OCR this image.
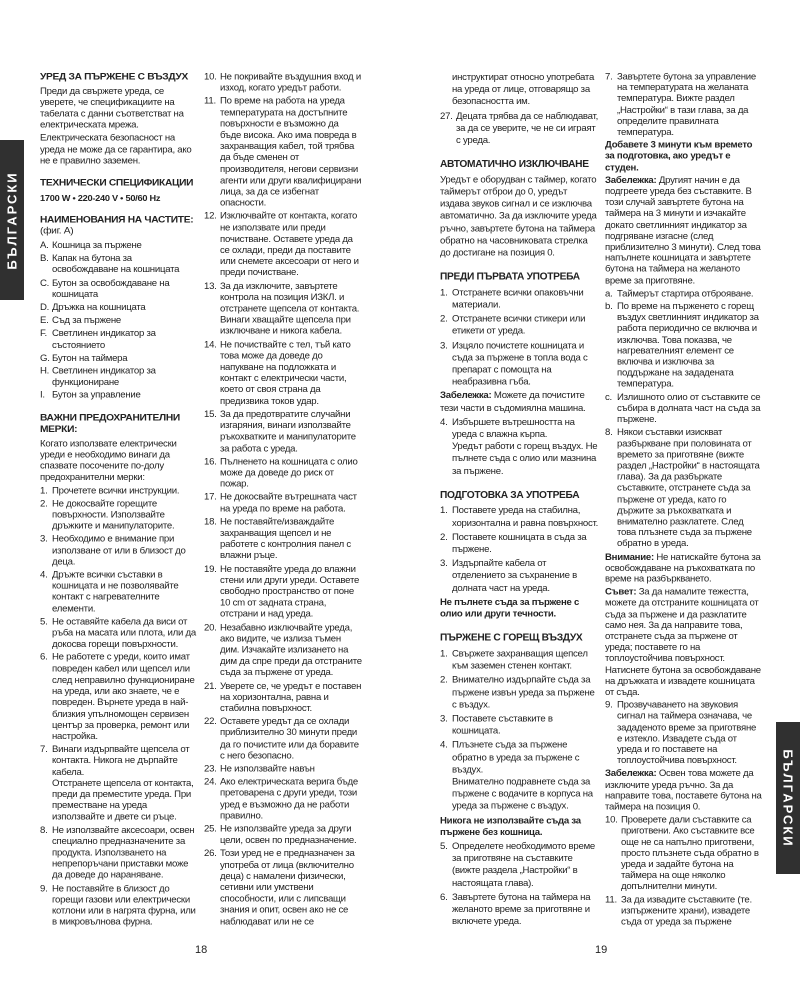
БЪЛГАРСКИ
БЪЛГАРСКИ
УРЕД ЗА ПЪРЖЕНЕ С ВЪЗДУХ

Преди да свържете уреда, се уверете, че спецификациите на табелата с данни съответстват на електрическата мрежа.

Електрическата безопасност на уреда не може да се гарантира, ако не е правилно заземен.

ТЕХНИЧЕСКИ СПЕЦИФИКАЦИИ

1700 W • 220-240 V • 50/60 Hz

НАИМЕНОВАНИЯ НА ЧАСТИТЕ: (фиг. A)
A. Кошница за пържене
B. Капак на бутона за освобождаване на кошницата
C. Бутон за освобождаване на кошницата
D. Дръжка на кошницата
E. Съд за пържене
F. Светлинен индикатор за състоянието
G. Бутон на таймера
H. Светлинен индикатор за функциониране
I. Бутон за управление
ВАЖНИ ПРЕДОХРАНИТЕЛНИ МЕРКИ:

Когато използвате електрически уреди е необходимо винаги да спазвате посочените по-долу предохранителни мерки:

1. Прочетете всички инструкции.
2. Не докосвайте горещите повърхности. Използвайте дръжките и манипулаторите.
3. Необходимо е внимание при използване от или в близост до деца.
4. Дръжте всички съставки в кошницата и не позволявайте контакт с нагревателните елементи.
5. Не оставяйте кабела да виси от ръба на масата или плота, или да докосва горещи повърхности.
6. Не работете с уреди, които имат повреден кабел или щепсел или след неправилно функциониране на уреда, или ако знаете, че е повреден. Върнете уреда в най-близкия упълномощен сервизен център за проверка, ремонт или настройка.
7. Винаги издърпвайте щепсела от контакта. Никога не дърпайте кабела.
Отстранете щепсела от контакта, преди да преместите уреда. При преместване на уреда използвайте и двете си ръце.
8. Не използвайте аксесоари, освен специално предназначените за продукта. Използването на непрепоръчани приставки може да доведе до нараняване.
9. Не поставяйте в близост до горещи газови или електрически котлони или в нагрята фурна, или в микровълнова фурна.
10. Не покривайте въздушния вход и изход, когато уредът работи.
11. По време на работа на уреда температурата на достъпните повърхности е възможно да бъде висока. Ако има повреда в захранващия кабел, той трябва да бъде сменен от производителя, негови сервизни агенти или други квалифицирани лица, за да се избегнат опасности.
12. Изключвайте от контакта, когато не използвате или преди почистване. Оставете уреда да се охлади, преди да поставите или снемете аксесоари от него и преди почистване.
13. За да изключите, завъртете контрола на позиция ИЗКЛ. и отстранете щепсела от контакта. Винаги хващайте щепсела при изключване и никога кабела.
14. Не почиствайте с тел, тъй като това може да доведе до напукване на подложката и контакт с електрически части, което от своя страна да предизвика токов удар.
15. За да предотвратите случайни изгаряния, винаги използвайте ръкохватките и манипулаторите за работа с уреда.
16. Пълненето на кошницата с олио може да доведе до риск от пожар.
17. Не докосвайте вътрешната част на уреда по време на работа.
18. Не поставяйте/изваждайте захранващия щепсел и не работете с контролния панел с влажни ръце.
19. Не поставяйте уреда до влажни стени или други уреди. Оставете свободно пространство от поне 10 cm от задната страна, отстрани и над уреда.
20. Незабавно изключвайте уреда, ако видите, че излиза тъмен дим. Изчакайте излизането на дим да спре преди да отстраните съда за пържене от уреда.
21. Уверете се, че уредът е поставен на хоризонтална, равна и стабилна повърхност.
22. Оставете уредът да се охлади приблизително 30 минути преди да го почистите или да боравите с него безопасно.
23. Не използвайте навън
24. Ако електрическата верига бъде претоварена с други уреди, този уред е възможно да не работи правилно.
25. Не използвайте уреда за други цели, освен по предназначение.
26. Този уред не е предназначен за употреба от лица (включително деца) с намалени физически, сетивни или умствени способности, или с липсващи знания и опит, освен ако не се наблюдават или не се

инструктират относно употребата на уреда от лице, отговарящо за безопасността им.

27. Децата трябва да се наблюдават, за да се уверите, че не си играят с уреда.
АВТОМАТИЧНО ИЗКЛЮЧВАНЕ

Уредът е оборудван с таймер, когато таймерът отброи до 0, уредът издава звуков сигнал и се изключва автоматично. За да изключите уреда ръчно, завъртете бутона на таймера обратно на часовниковата стрелка до достигане на позиция 0.

ПРЕДИ ПЪРВАТА УПОТРЕБА
1. Отстранете всички опаковъчни материали.
2. Отстранете всички стикери или етикети от уреда.
3. Изцяло почистете кошницата и съда за пържене в топла вода с препарат с помощта на неабразивна гъба.

Забележка: Можете да почистите тези части в съдомиялна машина.

4. Избършете вътрешността на уреда с влажна кърпа.
Уредът работи с горещ въздух. Не пълнете съда с олио или мазнина за пържене.
ПОДГОТОВКА ЗА УПОТРЕБА
1. Поставете уреда на стабилна, хоризонтална и равна повърхност.
2. Поставете кошницата в съда за пържене.
3. Издърпайте кабела от отделението за съхранение в долната част на уреда.

Не пълнете съда за пържене с олио или други течности.

ПЪРЖЕНЕ С ГОРЕЩ ВЪЗДУХ
1. Свържете захранващия щепсел към заземен стенен контакт.
2. Внимателно издърпайте съда за пържене извън уреда за пържене с въздух.
3. Поставете съставките в кошницата.
4. Плъзнете съда за пържене обратно в уреда за пържене с въздух.
Внимателно подравнете съда за пържене с водачите в корпуса на уреда за пържене с въздух.

Никога не използвайте съда за пържене без кошница.

5. Определете необходимото време за приготвяне на съставките (вижте раздела „Настройки“ в настоящата глава).
6. Завъртете бутона на таймера на желаното време за приготвяне и включете уреда.
7. Завъртете бутона за управление на температурата на желаната температура. Вижте раздел „Настройки“ в тази глава, за да определите правилната температура.

Добавете 3 минути към времето за подготовка, ако уредът е студен.

Забележка: Другият начин е да подгреете уреда без съставките. В този случай завъртете бутона на таймера на 3 минути и изчакайте докато светлинният индикатор за подгряване изгасне (след приблизително 3 минути). След това напълнете кошницата и завъртете бутона на таймера на желаното време за приготвяне.

a. Таймерът стартира отброяване.
b. По време на пърженето с горещ въздух светлинният индикатор за работа периодично се включва и изключва. Това показва, че нагревателният елемент се включва и изключва за поддържане на зададената температура.
c. Излишното олио от съставките се събира в долната част на съда за пържене.
8. Някои съставки изискват разбъркване при половината от времето за приготвяне (вижте раздел „Настройки“ в настоящата глава). За да разбъркате съставките, отстранете съда за пържене от уреда, като го държите за ръкохватката и внимателно разклатете. След това плъзнете съда за пържене обратно в уреда.

Внимание: Не натискайте бутона за освобождаване на ръкохватката по време на разбъркването.

Съвет: За да намалите тежестта, можете да отстраните кошницата от съда за пържене и да разклатите само нея. За да направите това, отстранете съда за пържене от уреда; поставете го на топлоустойчива повърхност. Натиснете бутона за освобождаване на дръжката и извадете кошницата от съда.

9. Прозвучаването на звуковия сигнал на таймера означава, че зададеното време за приготвяне е изтекло. Извадете съда от уреда и го поставете на топлоустойчива повърхност.

Забележка: Освен това можете да изключите уреда ръчно. За да направите това, поставете бутона на таймера на позиция 0.

10. Проверете дали съставките са приготвени. Ако съставките все още не са напълно приготвени, просто плъзнете съда обратно в уреда и задайте бутона на таймера на още няколко допълнителни минути.
11. За да извадите съставките (те. изпържените храни), извадете съда от уреда за пържене
18	19
